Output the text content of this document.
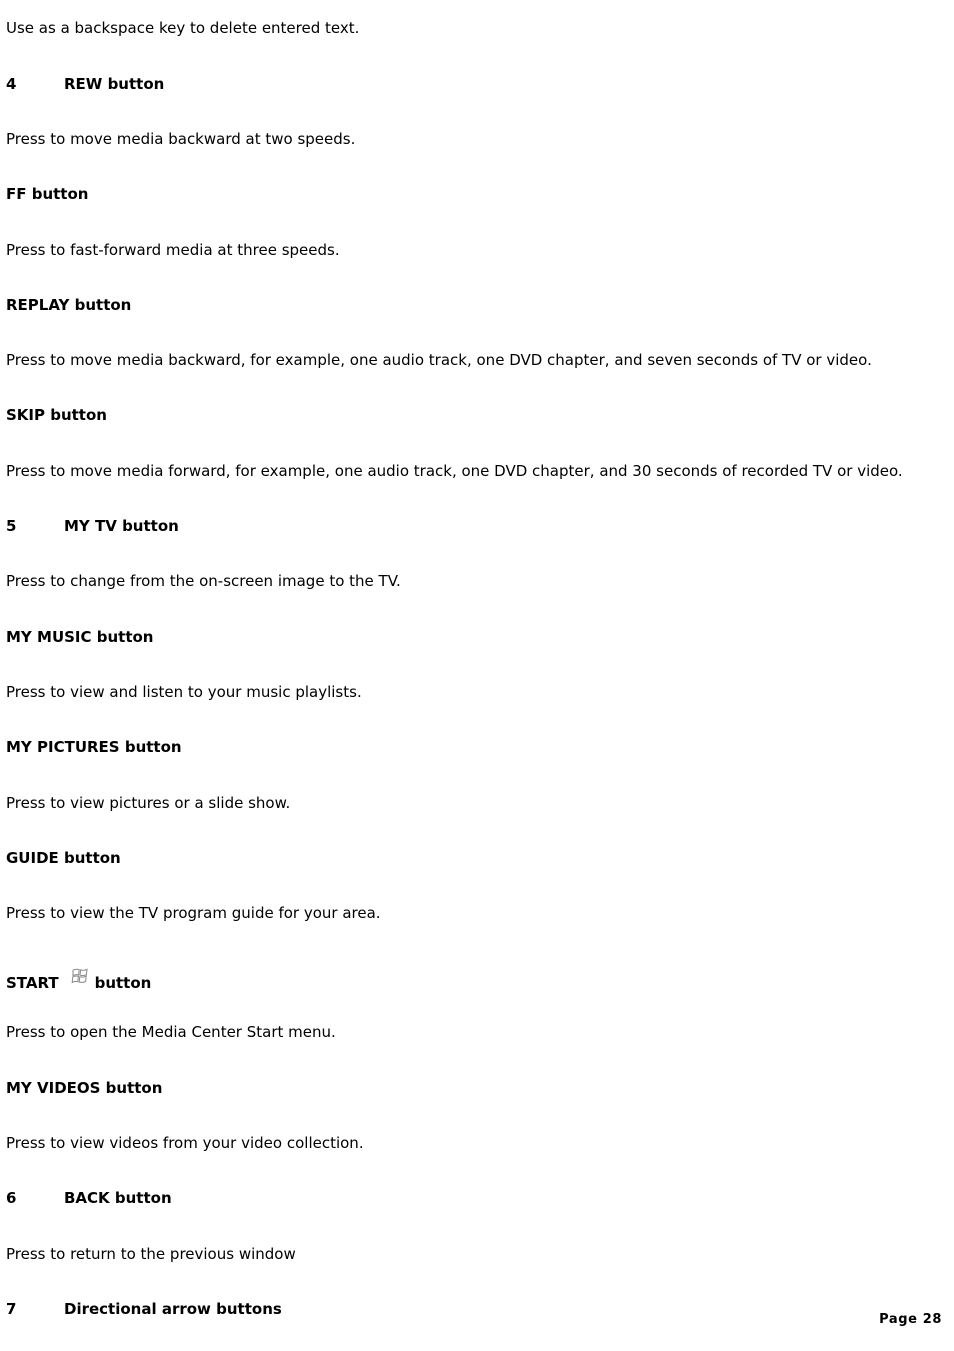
Use as a backspace key to delete entered text.
4	REW button
Press to move media backward at two speeds.
FF button
Press to fast-forward media at three speeds.
REPLAY button
Press to move media backward, for example, one audio track, one DVD chapter, and seven seconds of TV or video.
SKIP button
Press to move media forward, for example, one audio track, one DVD chapter, and 30 seconds of recorded TV or video.
5	MY TV button
Press to change from the on-screen image to the TV.
MY MUSIC button
Press to view and listen to your music playlists.
MY PICTURES button
Press to view pictures or a slide show.
GUIDE button
Press to view the TV program guide for your area.
START button
Press to open the Media Center Start menu.
MY VIDEOS button
Press to view videos from your video collection.
6	BACK button
Press to return to the previous window
7	Directional arrow buttons
Page 28
